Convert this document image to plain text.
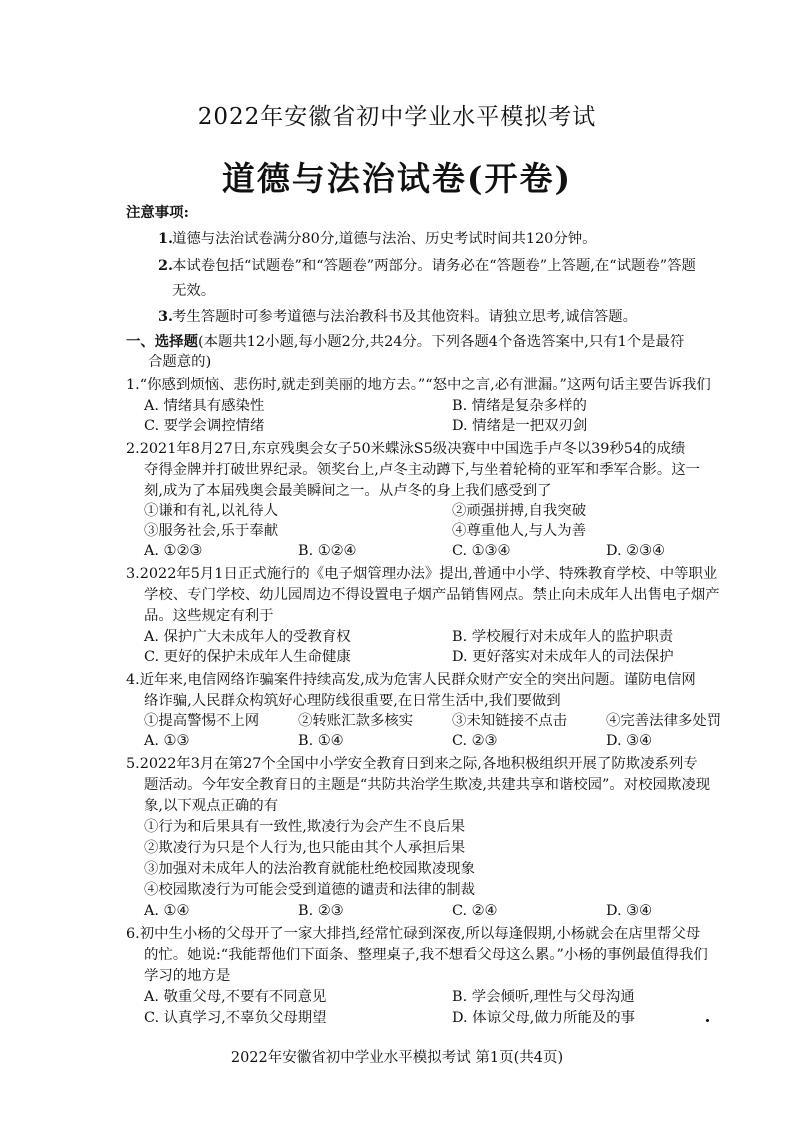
2022年安徽省初中学业水平模拟考试
道德与法治试卷(开卷)
注意事项:
1.
道德与法治试卷满分80分,道德与法治、历史考试时间共120分钟。
2.
本试卷包括“试题卷”和“答题卷”两部分。请务必在“答题卷”上答题,在“试题卷”答题
无效。
3.
考生答题时可参考道德与法治教科书及其他资料。请独立思考,诚信答题。
一、选择题(本题共12小题,每小题2分,共24分。下列各题4个备选答案中,只有1个是最符
合题意的)
1.“你感到烦恼、悲伤时,就走到美丽的地方去。”“怒中之言,必有泄漏。”这两句话主要告诉我们
A. 情绪具有感染性	B. 情绪是复杂多样的
C. 要学会调控情绪	D. 情绪是一把双刃剑
2.2021年8月27日,东京残奥会女子50米蝶泳S5级决赛中中国选手卢冬以39秒54的成绩
夺得金牌并打破世界纪录。领奖台上,卢冬主动蹲下,与坐着轮椅的亚军和季军合影。这一
刻,成为了本届残奥会最美瞬间之一。从卢冬的身上我们感受到了
①谦和有礼,以礼待人	②顽强拼搏,自我突破
③服务社会,乐于奉献	④尊重他人,与人为善
A. ①②③	B. ①②④	C. ①③④	D. ②③④
3.2022年5月1日正式施行的《电子烟管理办法》提出,普通中小学、特殊教育学校、中等职业
学校、专门学校、幼儿园周边不得设置电子烟产品销售网点。禁止向未成年人出售电子烟产
品。这些规定有利于
A. 保护广大未成年人的受教育权	B. 学校履行对未成年人的监护职责
C. 更好的保护未成年人生命健康	D. 更好落实对未成年人的司法保护
4.近年来,电信网络诈骗案件持续高发,成为危害人民群众财产安全的突出问题。谨防电信网
络诈骗,人民群众构筑好心理防线很重要,在日常生活中,我们要做到
①提高警惕不上网	②转账汇款多核实	③未知链接不点击	④完善法律多处罚
A. ①③	B. ①④	C. ②③	D. ③④
5.2022年3月在第27个全国中小学安全教育日到来之际,各地积极组织开展了防欺凌系列专
题活动。今年安全教育日的主题是“共防共治学生欺凌,共建共享和谐校园”。对校园欺凌现
象,以下观点正确的有
①行为和后果具有一致性,欺凌行为会产生不良后果
②欺凌行为只是个人行为,也只能由其个人承担后果
③加强对未成年人的法治教育就能杜绝校园欺凌现象
④校园欺凌行为可能会受到道德的谴责和法律的制裁
A. ①④	B. ②③	C. ②④	D. ③④
6.初中生小杨的父母开了一家大排挡,经常忙碌到深夜,所以每逢假期,小杨就会在店里帮父母
的忙。她说:“我能帮他们下面条、整理桌子,我不想看父母这么累。”小杨的事例最值得我们
学习的地方是
A. 敬重父母,不要有不同意见	B. 学会倾听,理性与父母沟通
C. 认真学习,不辜负父母期望	D. 体谅父母,做力所能及的事
2022年安徽省初中学业水平模拟考试 第1页(共4页)
